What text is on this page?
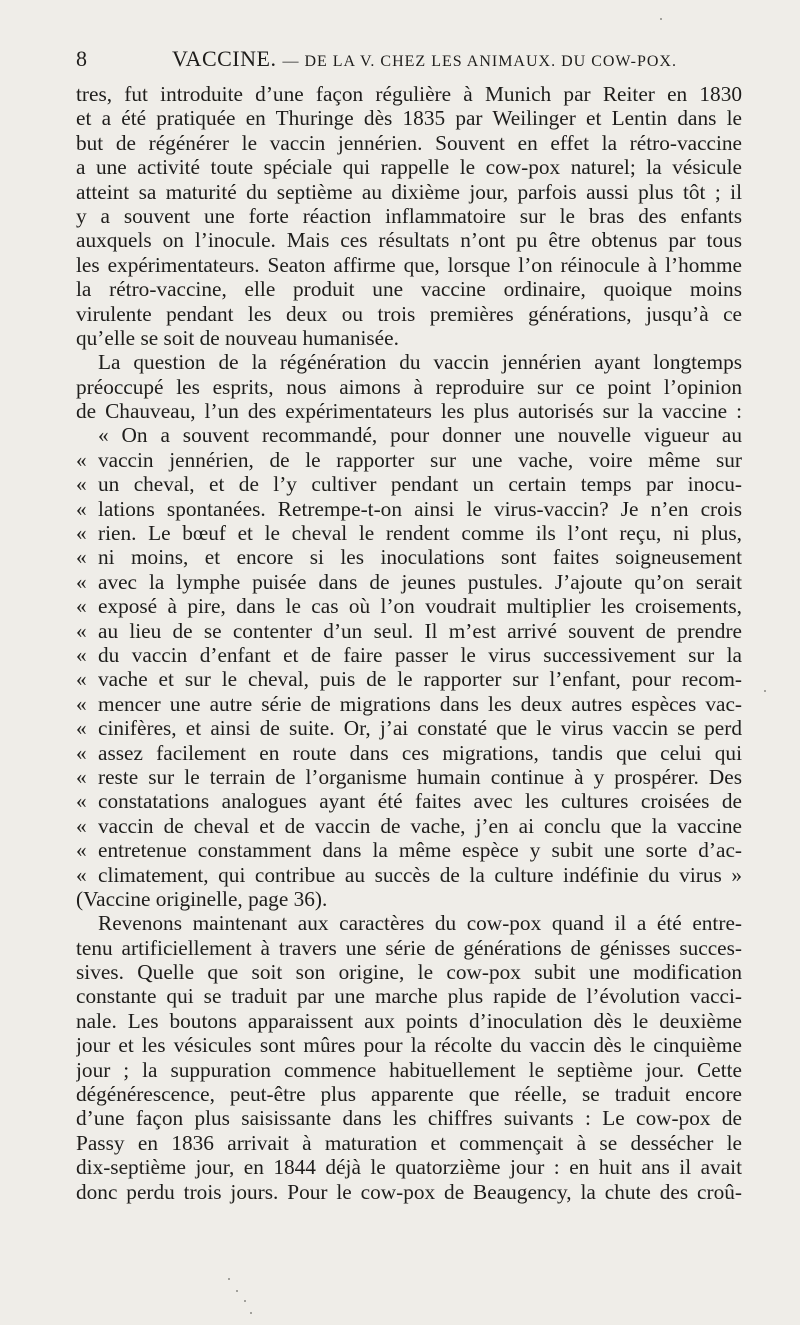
8	VACCINE. — DE LA V. CHEZ LES ANIMAUX. DU COW-POX.
tres, fut introduite d’une façon régulière à Munich par Reiter en 1830
et a été pratiquée en Thuringe dès 1835 par Weilinger et Lentin dans le
but de régénérer le vaccin jennérien. Souvent en effet la rétro-vaccine
a une activité toute spéciale qui rappelle le cow-pox naturel; la vésicule
atteint sa maturité du septième au dixième jour, parfois aussi plus tôt ; il
y a souvent une forte réaction inflammatoire sur le bras des enfants
auxquels on l’inocule. Mais ces résultats n’ont pu être obtenus par tous
les expérimentateurs. Seaton affirme que, lorsque l’on réinocule à l’homme
la rétro-vaccine, elle produit une vaccine ordinaire, quoique moins
virulente pendant les deux ou trois premières générations, jusqu’à ce
qu’elle se soit de nouveau humanisée.
La question de la régénération du vaccin jennérien ayant longtemps
préoccupé les esprits, nous aimons à reproduire sur ce point l’opinion
de Chauveau, l’un des expérimentateurs les plus autorisés sur la vaccine :
« On a souvent recommandé, pour donner une nouvelle vigueur au
« vaccin jennérien, de le rapporter sur une vache, voire même sur
« un cheval, et de l’y cultiver pendant un certain temps par inocu-
« lations spontanées. Retrempe-t-on ainsi le virus-vaccin? Je n’en crois
« rien. Le bœuf et le cheval le rendent comme ils l’ont reçu, ni plus,
« ni moins, et encore si les inoculations sont faites soigneusement
« avec la lymphe puisée dans de jeunes pustules. J’ajoute qu’on serait
« exposé à pire, dans le cas où l’on voudrait multiplier les croisements,
« au lieu de se contenter d’un seul. Il m’est arrivé souvent de prendre
« du vaccin d’enfant et de faire passer le virus successivement sur la
« vache et sur le cheval, puis de le rapporter sur l’enfant, pour recom-
« mencer une autre série de migrations dans les deux autres espèces vac-
« cinifères, et ainsi de suite. Or, j’ai constaté que le virus vaccin se perd
« assez facilement en route dans ces migrations, tandis que celui qui
« reste sur le terrain de l’organisme humain continue à y prospérer. Des
« constatations analogues ayant été faites avec les cultures croisées de
« vaccin de cheval et de vaccin de vache, j’en ai conclu que la vaccine
« entretenue constamment dans la même espèce y subit une sorte d’ac-
« climatement, qui contribue au succès de la culture indéfinie du virus »
(Vaccine originelle, page 36).
Revenons maintenant aux caractères du cow-pox quand il a été entre-
tenu artificiellement à travers une série de générations de génisses succes-
sives. Quelle que soit son origine, le cow-pox subit une modification
constante qui se traduit par une marche plus rapide de l’évolution vacci-
nale. Les boutons apparaissent aux points d’inoculation dès le deuxième
jour et les vésicules sont mûres pour la récolte du vaccin dès le cinquième
jour ; la suppuration commence habituellement le septième jour. Cette
dégénérescence, peut-être plus apparente que réelle, se traduit encore
d’une façon plus saisissante dans les chiffres suivants : Le cow-pox de
Passy en 1836 arrivait à maturation et commençait à se dessécher le
dix-septième jour, en 1844 déjà le quatorzième jour : en huit ans il avait
donc perdu trois jours. Pour le cow-pox de Beaugency, la chute des croû-
